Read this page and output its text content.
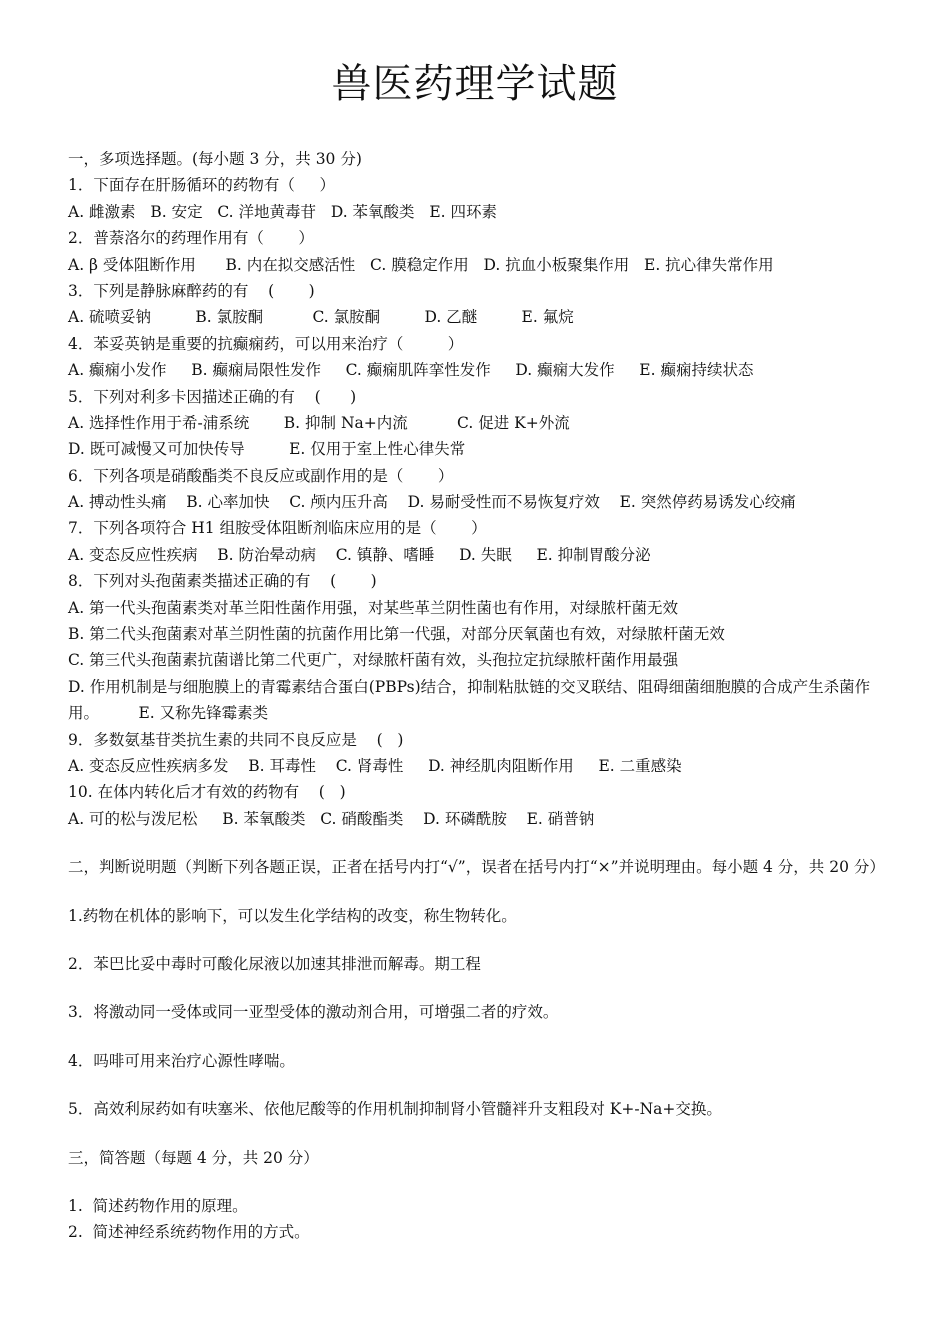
兽医药理学试题

一，多项选择题。(每小题 3 分，共 30 分)

1．下面存在肝肠循环的药物有（     ）

A. 雌激素 B. 安定 C. 洋地黄毒苷 D. 苯氧酸类 E. 四环素

2．普萘洛尔的药理作用有（       ）

A. β 受体阻断作用 B. 内在拟交感活性 C. 膜稳定作用 D. 抗血小板聚集作用 E. 抗心律失常作用

3．下列是静脉麻醉药的有    (       )

A. 硫喷妥钠	B. 氯胺酮	C. 氯胺酮	D. 乙醚	E. 氟烷

4．苯妥英钠是重要的抗癫痫药，可以用来治疗（         ）

A. 癫痫小发作 B. 癫痫局限性发作 C. 癫痫肌阵挛性发作 D. 癫痫大发作 E. 癫痫持续状态

5．下列对利多卡因描述正确的有    (      )

A. 选择性作用于希-浦系统 B. 抑制 Na+内流	C. 促进 K+外流

D. 既可减慢又可加快传导	E. 仅用于室上性心律失常

6．下列各项是硝酸酯类不良反应或副作用的是（       ）

A. 搏动性头痛 B. 心率加快 C. 颅内压升高 D. 易耐受性而不易恢复疗效 E. 突然停药易诱发心绞痛

7．下列各项符合 H1 组胺受体阻断剂临床应用的是（       ）

A. 变态反应性疾病 B. 防治晕动病 C. 镇静、嗜睡 D. 失眠 E. 抑制胃酸分泌

8．下列对头孢菌素类描述正确的有    (       )

A. 第一代头孢菌素类对革兰阳性菌作用强，对某些革兰阴性菌也有作用，对绿脓杆菌无效

B. 第二代头孢菌素对革兰阴性菌的抗菌作用比第一代强，对部分厌氧菌也有效，对绿脓杆菌无效

C. 第三代头孢菌素抗菌谱比第二代更广，对绿脓杆菌有效，头孢拉定抗绿脓杆菌作用最强

D. 作用机制是与细胞膜上的青霉素结合蛋白(PBPs)结合，抑制粘肽链的交叉联结、阻碍细菌细胞膜的合成产生杀菌作用。	E. 又称先锋霉素类

9．多数氨基苷类抗生素的共同不良反应是    (   )

A. 变态反应性疾病多发 B. 耳毒性 C. 肾毒性 D. 神经肌肉阻断作用 E. 二重感染

10. 在体内转化后才有效的药物有    (   )

A. 可的松与泼尼松 B. 苯氧酸类 C. 硝酸酯类 D. 环磷酰胺 E. 硝普钠

二，判断说明题（判断下列各题正误，正者在括号内打“√”，误者在括号内打“×”并说明理由。每小题 4 分，共 20 分）

1.药物在机体的影响下，可以发生化学结构的改变，称生物转化。

2．苯巴比妥中毒时可酸化尿液以加速其排泄而解毒。期工程

3．将激动同一受体或同一亚型受体的激动剂合用，可增强二者的疗效。

4．吗啡可用来治疗心源性哮喘。

5．高效利尿药如有呋塞米、依他尼酸等的作用机制抑制肾小管髓袢升支粗段对 K+-Na+交换。

三，简答题（每题 4 分，共 20 分）

1.  简述药物作用的原理。

2.  简述神经系统药物作用的方式。
